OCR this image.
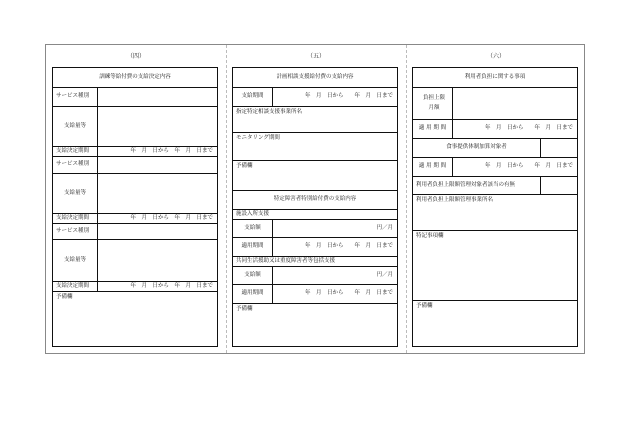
（四）	（五）	（六）
訓練等給付費の支給決定内容
サービス種別
支給量等
支給決定期間	年　月　日から　年　月　日まで
サービス種別
支給量等
支給決定期間	年　月　日から　年　月　日まで
サービス種別
支給量等
支給決定期間	年　月　日から　年　月　日まで
予備欄
計画相談支援給付費の支給内容
支給期間	年　月　日から　　年　月　日まで
指定特定相談支援事業所名
モニタリング期間
予備欄
特定障害者特別給付費の支給内容
施設入所支援
支給額	円／月
適用期間	年　月　日から　　年　月　日まで
共同生活援助又は重度障害者等包括支援
支給額	円／月
適用期間	年　月　日から　　年　月　日まで
予備欄
利用者負担に関する事項
負担上限
月額
適 用 期 間	年　月　日から　　年　月　日まで
食事提供体制加算対象者
適 用 期 間	年　月　日から　　年　月　日まで
利用者負担上限額管理対象者該当の有無
利用者負担上限額管理事業所名
特記事項欄
予備欄
